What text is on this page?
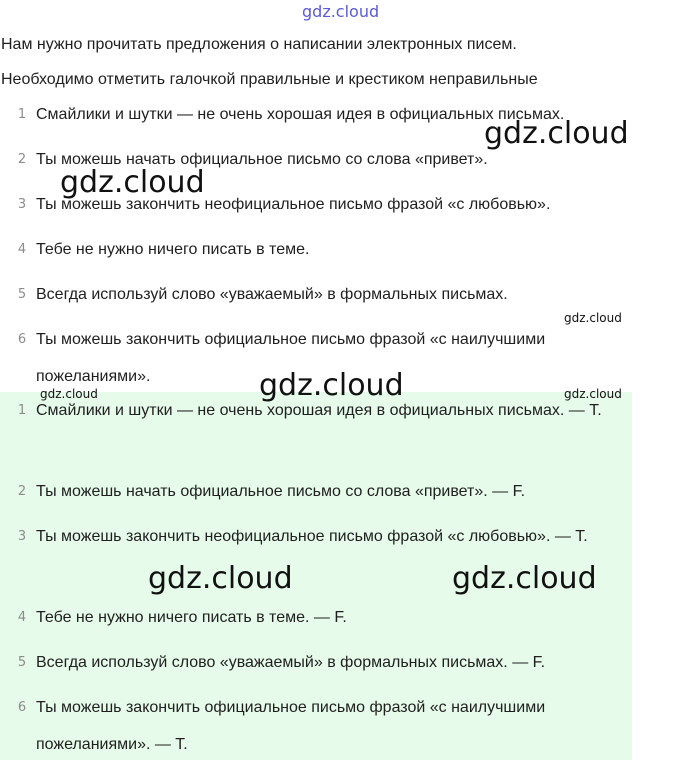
gdz.cloud
Нам нужно прочитать предложения о написании электронных писем.
Необходимо отметить галочкой правильные и крестиком неправильные
1 Смайлики и шутки — не очень хорошая идея в официальных письмах.
2 Ты можешь начать официальное письмо со слова «привет».
3 Ты можешь закончить неофициальное письмо фразой «с любовью».
4 Тебе не нужно ничего писать в теме.
5 Всегда используй слово «уважаемый» в формальных письмах.
6 Ты можешь закончить официальное письмо фразой «с наилучшими пожеланиями».
1 Смайлики и шутки — не очень хорошая идея в официальных письмах. — T.
2 Ты можешь начать официальное письмо со слова «привет». — F.
3 Ты можешь закончить неофициальное письмо фразой «с любовью». — T.
4 Тебе не нужно ничего писать в теме. — F.
5 Всегда используй слово «уважаемый» в формальных письмах. — F.
6 Ты можешь закончить официальное письмо фразой «с наилучшими пожеланиями». — T.
gdz.cloud
gdz.cloud
gdz.cloud
gdz.cloud
gdz.cloud	gdz.cloud
gdz.cloud	gdz.cloud
